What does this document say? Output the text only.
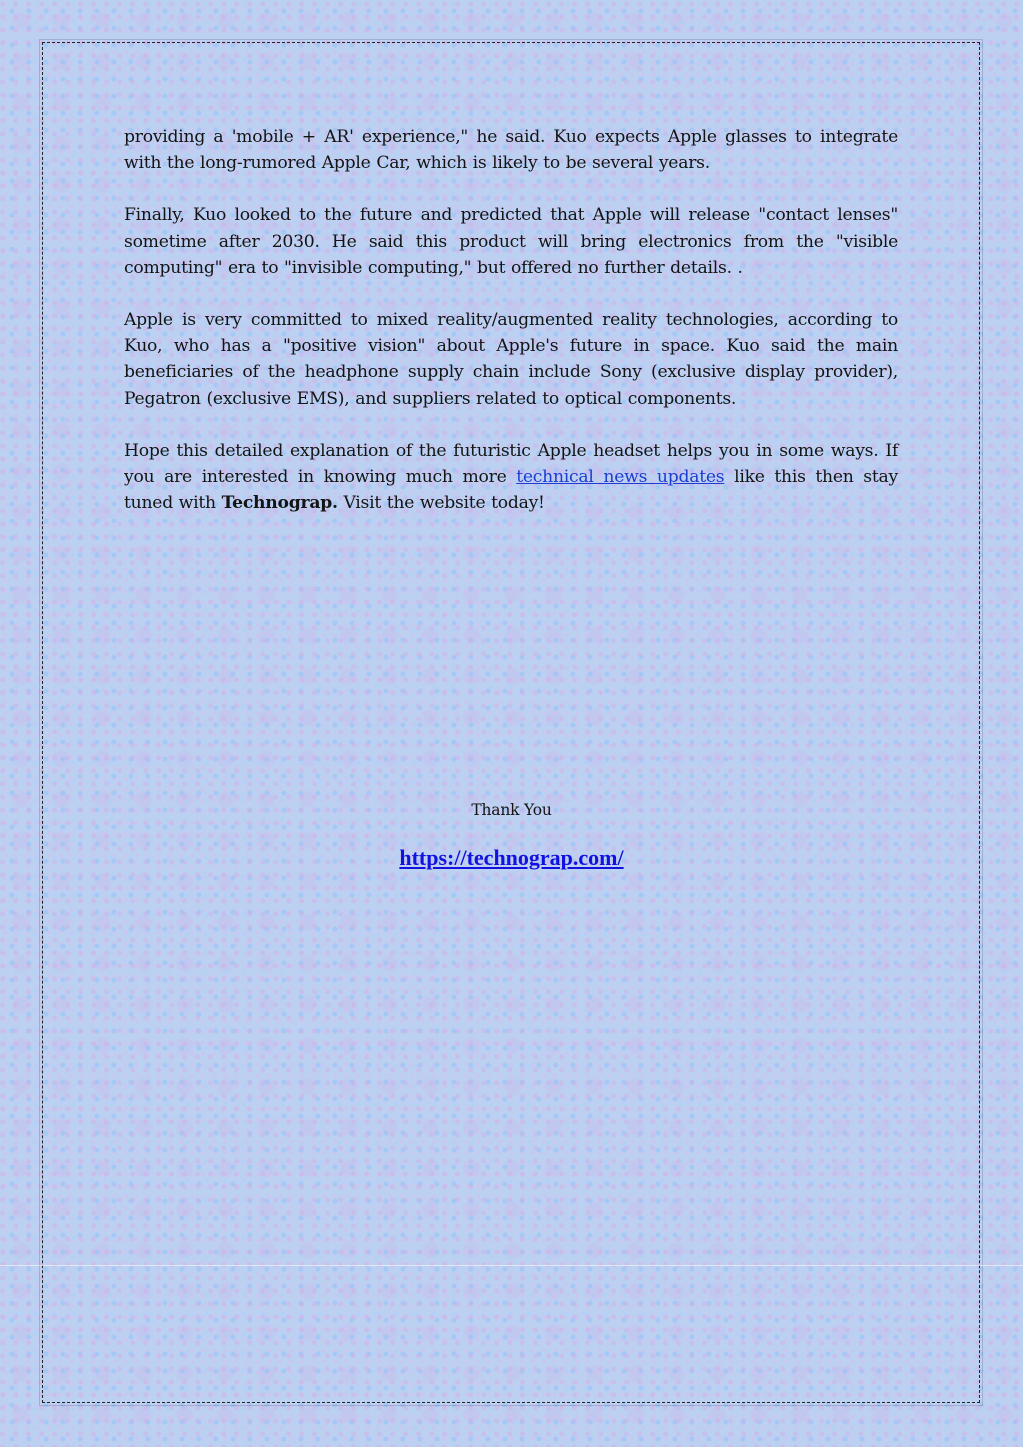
providing a 'mobile + AR' experience," he said. Kuo expects Apple glasses to integrate with the long-rumored Apple Car, which is likely to be several years.

Finally, Kuo looked to the future and predicted that Apple will release "contact lenses" sometime after 2030. He said this product will bring electronics from the "visible computing" era to "invisible computing," but offered no further details. .

Apple is very committed to mixed reality/augmented reality technologies, according to Kuo, who has a "positive vision" about Apple's future in space. Kuo said the main beneficiaries of the headphone supply chain include Sony (exclusive display provider), Pegatron (exclusive EMS), and suppliers related to optical components.

Hope this detailed explanation of the futuristic Apple headset helps you in some ways. If you are interested in knowing much more technical news updates like this then stay tuned with Technograp. Visit the website today!

Thank You
https://technograp.com/
